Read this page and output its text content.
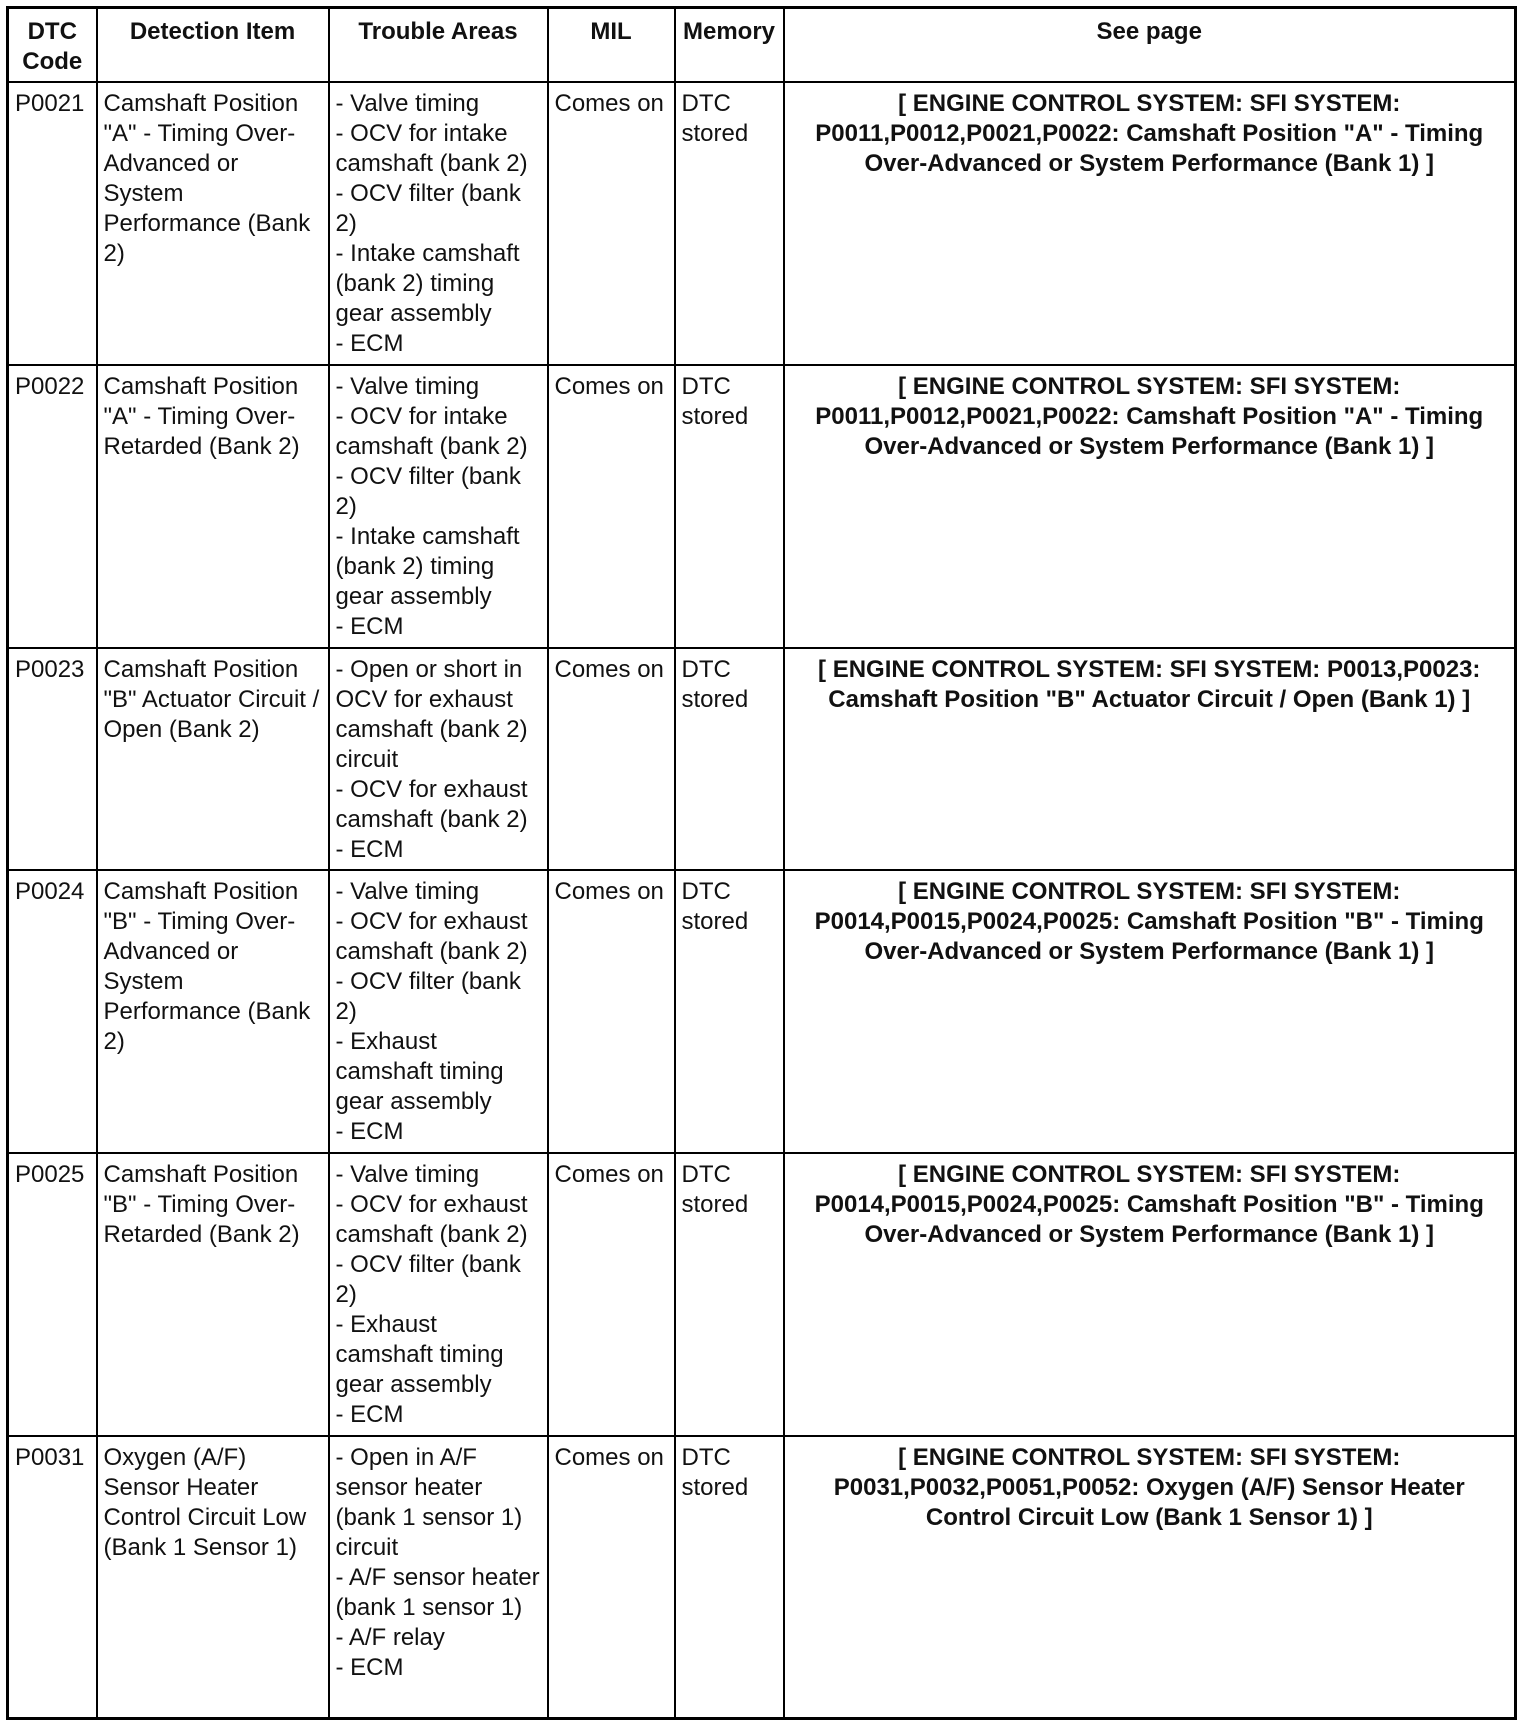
DTC
Code	Detection Item	Trouble Areas	MIL	Memory	See page
P0021	Camshaft Position "A" - Timing Over-Advanced or System Performance (Bank 2)	- Valve timing
- OCV for intake camshaft (bank 2)
- OCV filter (bank 2)
- Intake camshaft (bank 2) timing gear assembly
- ECM	Comes on	DTC stored	[ ENGINE CONTROL SYSTEM: SFI SYSTEM: P0011,P0012,P0021,P0022: Camshaft Position "A" - Timing Over-Advanced or System Performance (Bank 1) ]
P0022	Camshaft Position "A" - Timing Over-Retarded (Bank 2)	- Valve timing
- OCV for intake camshaft (bank 2)
- OCV filter (bank 2)
- Intake camshaft (bank 2) timing gear assembly
- ECM	Comes on	DTC stored	[ ENGINE CONTROL SYSTEM: SFI SYSTEM: P0011,P0012,P0021,P0022: Camshaft Position "A" - Timing Over-Advanced or System Performance (Bank 1) ]
P0023	Camshaft Position "B" Actuator Circuit / Open (Bank 2)	- Open or short in OCV for exhaust camshaft (bank 2) circuit
- OCV for exhaust camshaft (bank 2)
- ECM	Comes on	DTC stored	[ ENGINE CONTROL SYSTEM: SFI SYSTEM: P0013,P0023: Camshaft Position "B" Actuator Circuit / Open (Bank 1) ]
P0024	Camshaft Position "B" - Timing Over-Advanced or System Performance (Bank 2)	- Valve timing
- OCV for exhaust camshaft (bank 2)
- OCV filter (bank 2)
- Exhaust camshaft timing gear assembly
- ECM	Comes on	DTC stored	[ ENGINE CONTROL SYSTEM: SFI SYSTEM: P0014,P0015,P0024,P0025: Camshaft Position "B" - Timing Over-Advanced or System Performance (Bank 1) ]
P0025	Camshaft Position "B" - Timing Over-Retarded (Bank 2)	- Valve timing
- OCV for exhaust camshaft (bank 2)
- OCV filter (bank 2)
- Exhaust camshaft timing gear assembly
- ECM	Comes on	DTC stored	[ ENGINE CONTROL SYSTEM: SFI SYSTEM: P0014,P0015,P0024,P0025: Camshaft Position "B" - Timing Over-Advanced or System Performance (Bank 1) ]
P0031	Oxygen (A/F) Sensor Heater Control Circuit Low (Bank 1 Sensor 1)	- Open in A/F sensor heater (bank 1 sensor 1) circuit
- A/F sensor heater (bank 1 sensor 1)
- A/F relay
- ECM	Comes on	DTC stored	[ ENGINE CONTROL SYSTEM: SFI SYSTEM: P0031,P0032,P0051,P0052: Oxygen (A/F) Sensor Heater Control Circuit Low (Bank 1 Sensor 1) ]
